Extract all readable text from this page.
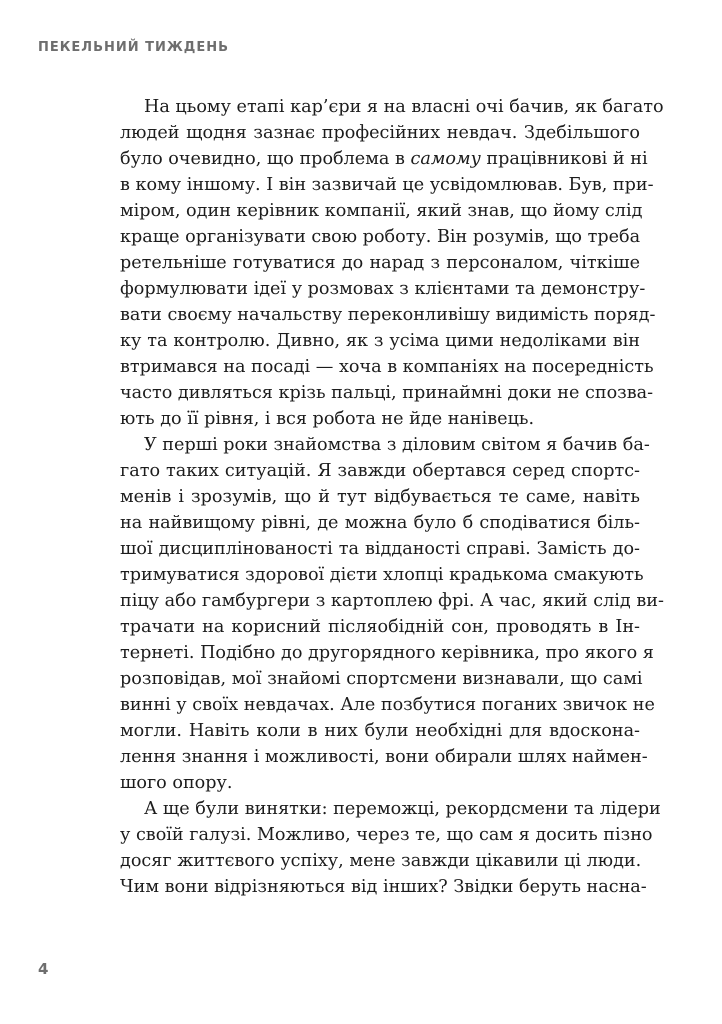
ПЕКЕЛЬНИЙ ТИЖДЕНЬ
На цьому етапі кар’єри я на власні очі бачив, як багато
людей щодня зазнає професійних невдач. Здебільшого
було очевидно, що проблема в самому працівникові й ні
в кому іншому. І він зазвичай це усвідомлював. Був, при-
міром, один керівник компанії, який знав, що йому слід
краще організувати свою роботу. Він розумів, що треба
ретельніше готуватися до нарад з персоналом, чіткіше
формулювати ідеї у розмовах з клієнтами та демонстру-
вати своєму начальству переконливішу видимість поряд-
ку та контролю. Дивно, як з усіма цими недоліками він
втримався на посаді — хоча в компаніях на посередність
часто дивляться крізь пальці, принаймні доки не спозва-
ють до її рівня, і вся робота не йде нанівець.
У перші роки знайомства з діловим світом я бачив ба-
гато таких ситуацій. Я завжди обертався серед спортс-
менів і зрозумів, що й тут відбувається те саме, навіть
на найвищому рівні, де можна було б сподіватися біль-
шої дисциплінованості та відданості справі. Замість до-
тримуватися здорової дієти хлопці крадькома смакують
піцу або гамбургери з картоплею фрі. А час, який слід ви-
трачати на корисний післяобідній сон, проводять в Ін-
тернеті. Подібно до другорядного керівника, про якого я
розповідав, мої знайомі спортсмени визнавали, що самі
винні у своїх невдачах. Але позбутися поганих звичок не
могли. Навіть коли в них були необхідні для вдоскона-
лення знання і можливості, вони обирали шлях наймен-
шого опору.
А ще були винятки: переможці, рекордсмени та лідери
у своїй галузі. Можливо, через те, що сам я досить пізно
досяг життєвого успіху, мене завжди цікавили ці люди.
Чим вони відрізняються від інших? Звідки беруть насна-
4
